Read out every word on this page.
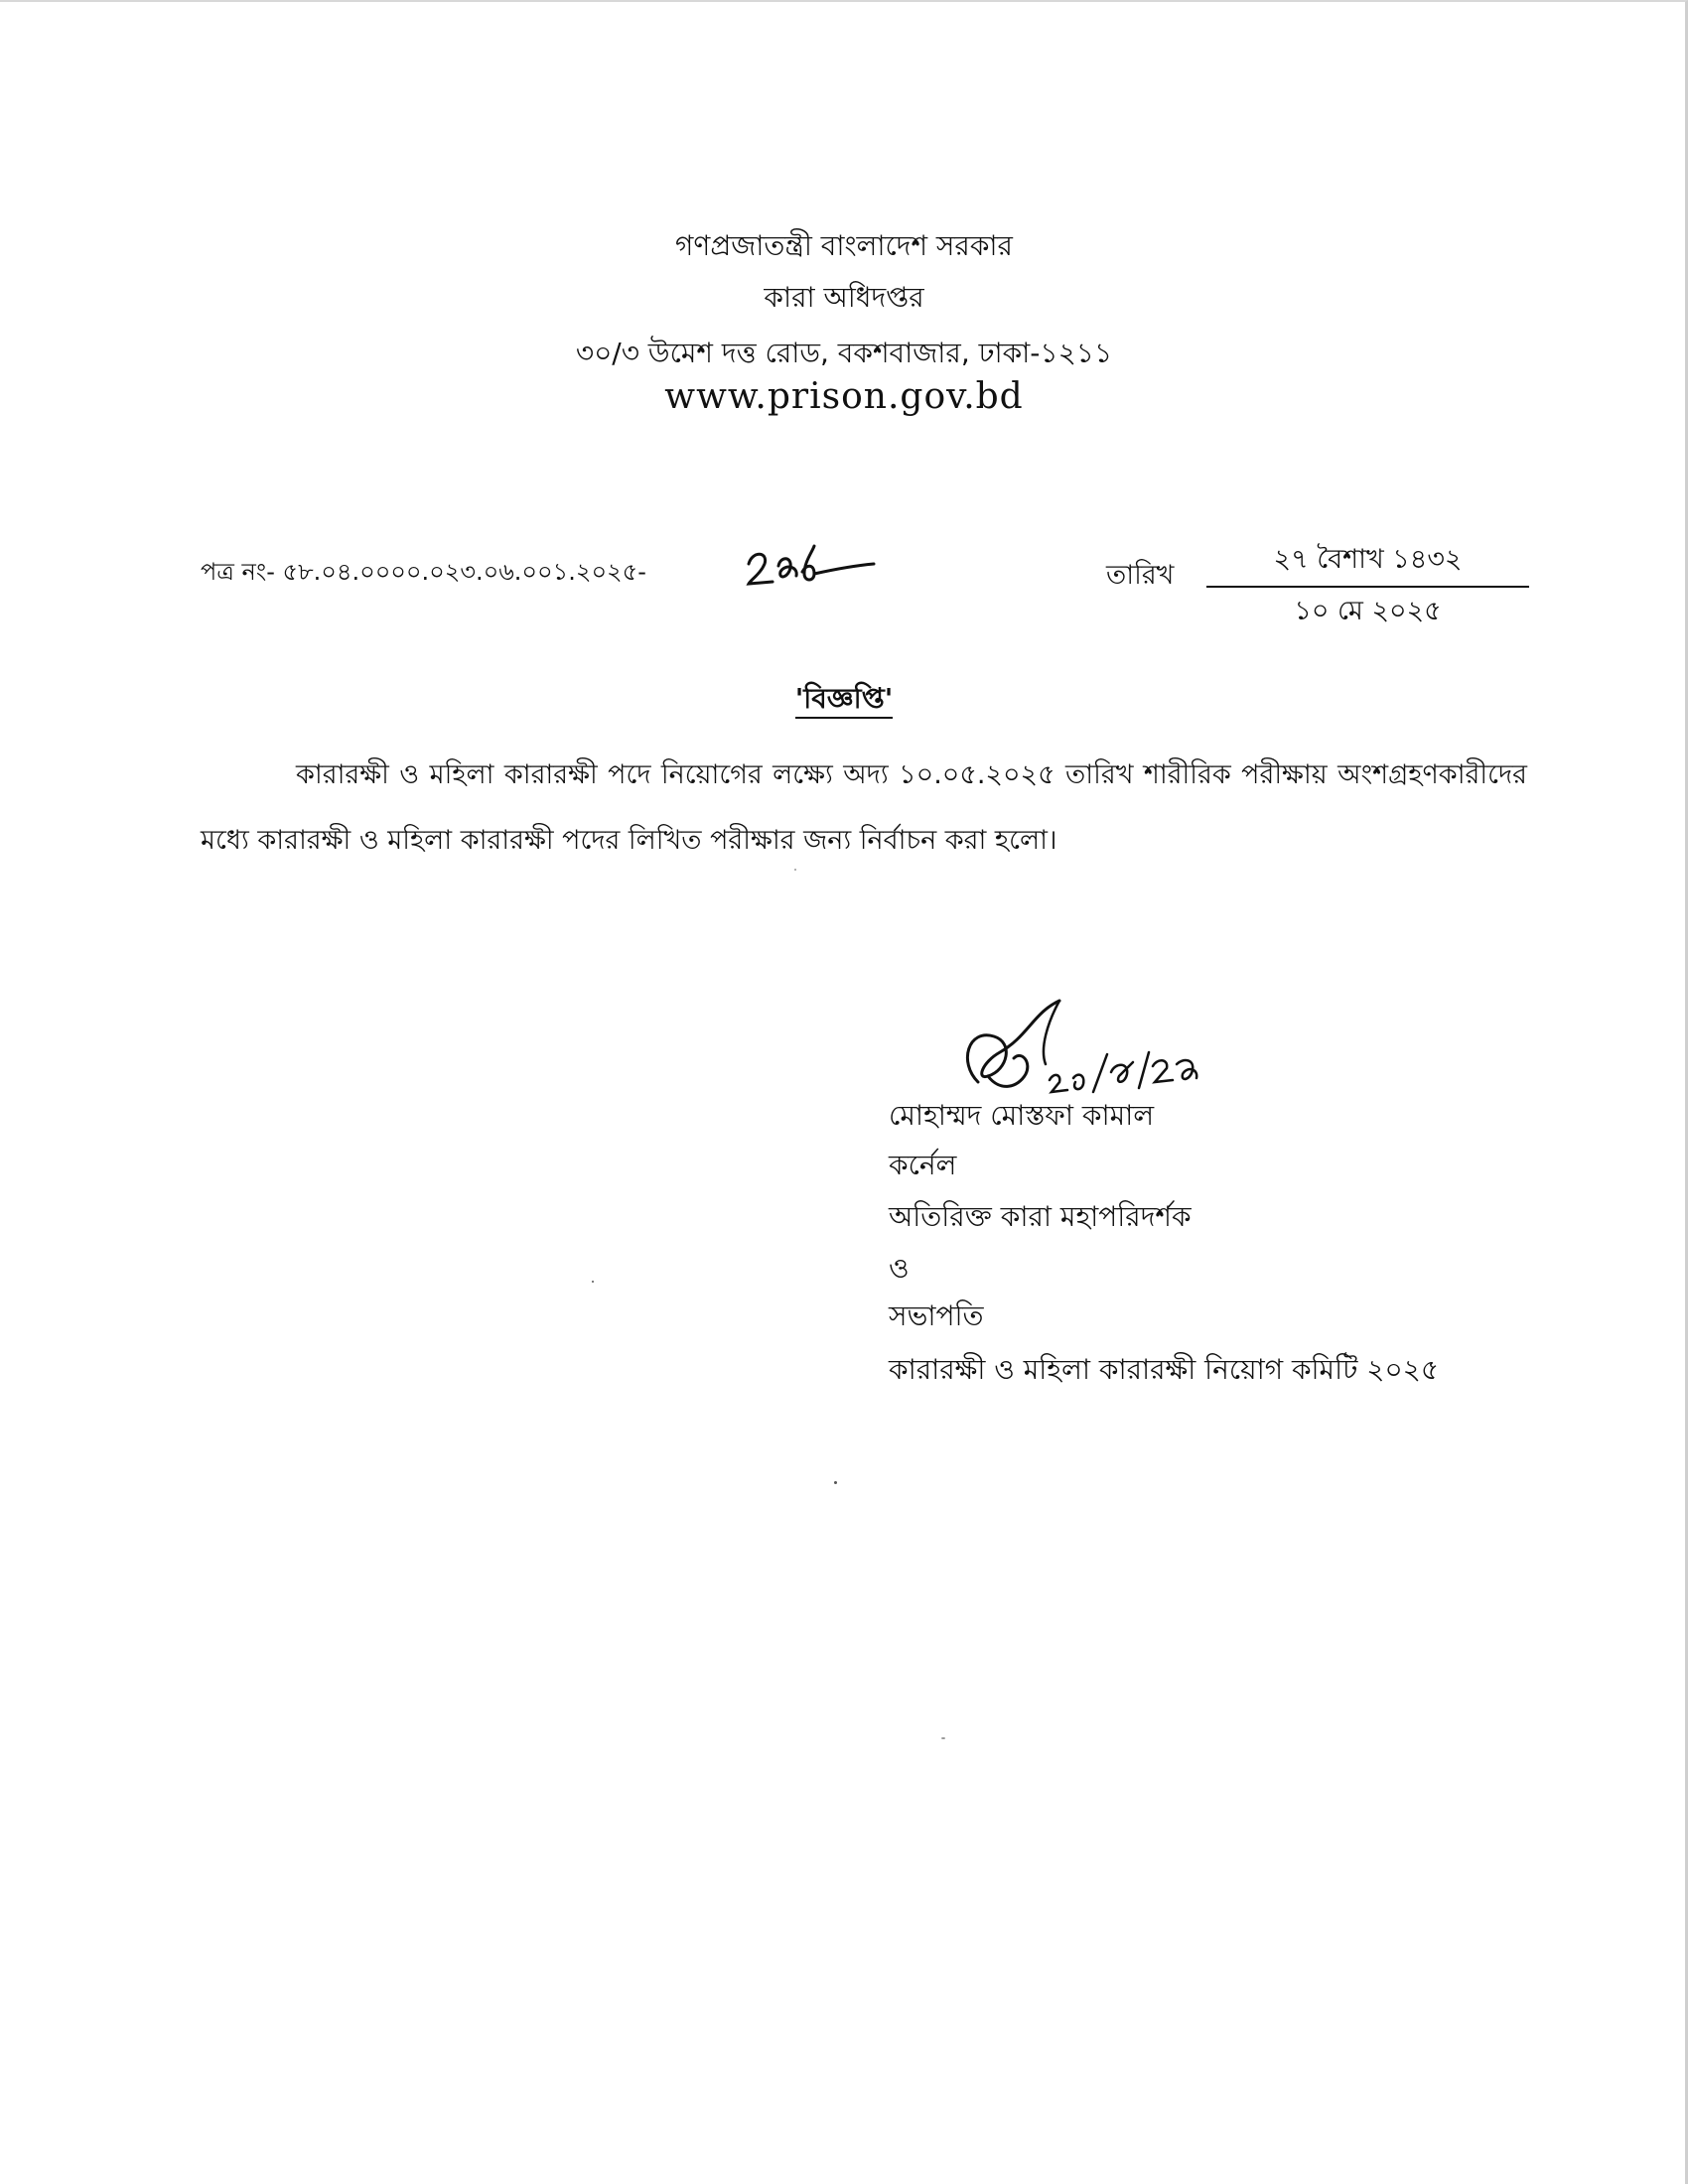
গণপ্রজাতন্ত্রী বাংলাদেশ সরকার
কারা অধিদপ্তর
৩০/৩ উমেশ দত্ত রোড, বকশবাজার, ঢাকা-১২১১
www.prison.gov.bd
পত্র নং- ৫৮.০৪.০০০০.০২৩.০৬.০০১.২০২৫-	তারিখ
২৭ বৈশাখ ১৪৩২
১০ মে ২০২৫
'বিজ্ঞপ্তি'
কারারক্ষী ও মহিলা কারারক্ষী পদে নিয়োগের লক্ষ্যে অদ্য ১০.০৫.২০২৫ তারিখ শারীরিক পরীক্ষায় অংশগ্রহণকারীদের মধ্যে কারারক্ষী ও মহিলা কারারক্ষী পদের লিখিত পরীক্ষার জন্য নির্বাচন করা হলো।
মোহাম্মদ মোস্তফা কামাল
কর্নেল
অতিরিক্ত কারা মহাপরিদর্শক
ও
সভাপতি
কারারক্ষী ও মহিলা কারারক্ষী নিয়োগ কমিটি ২০২৫
